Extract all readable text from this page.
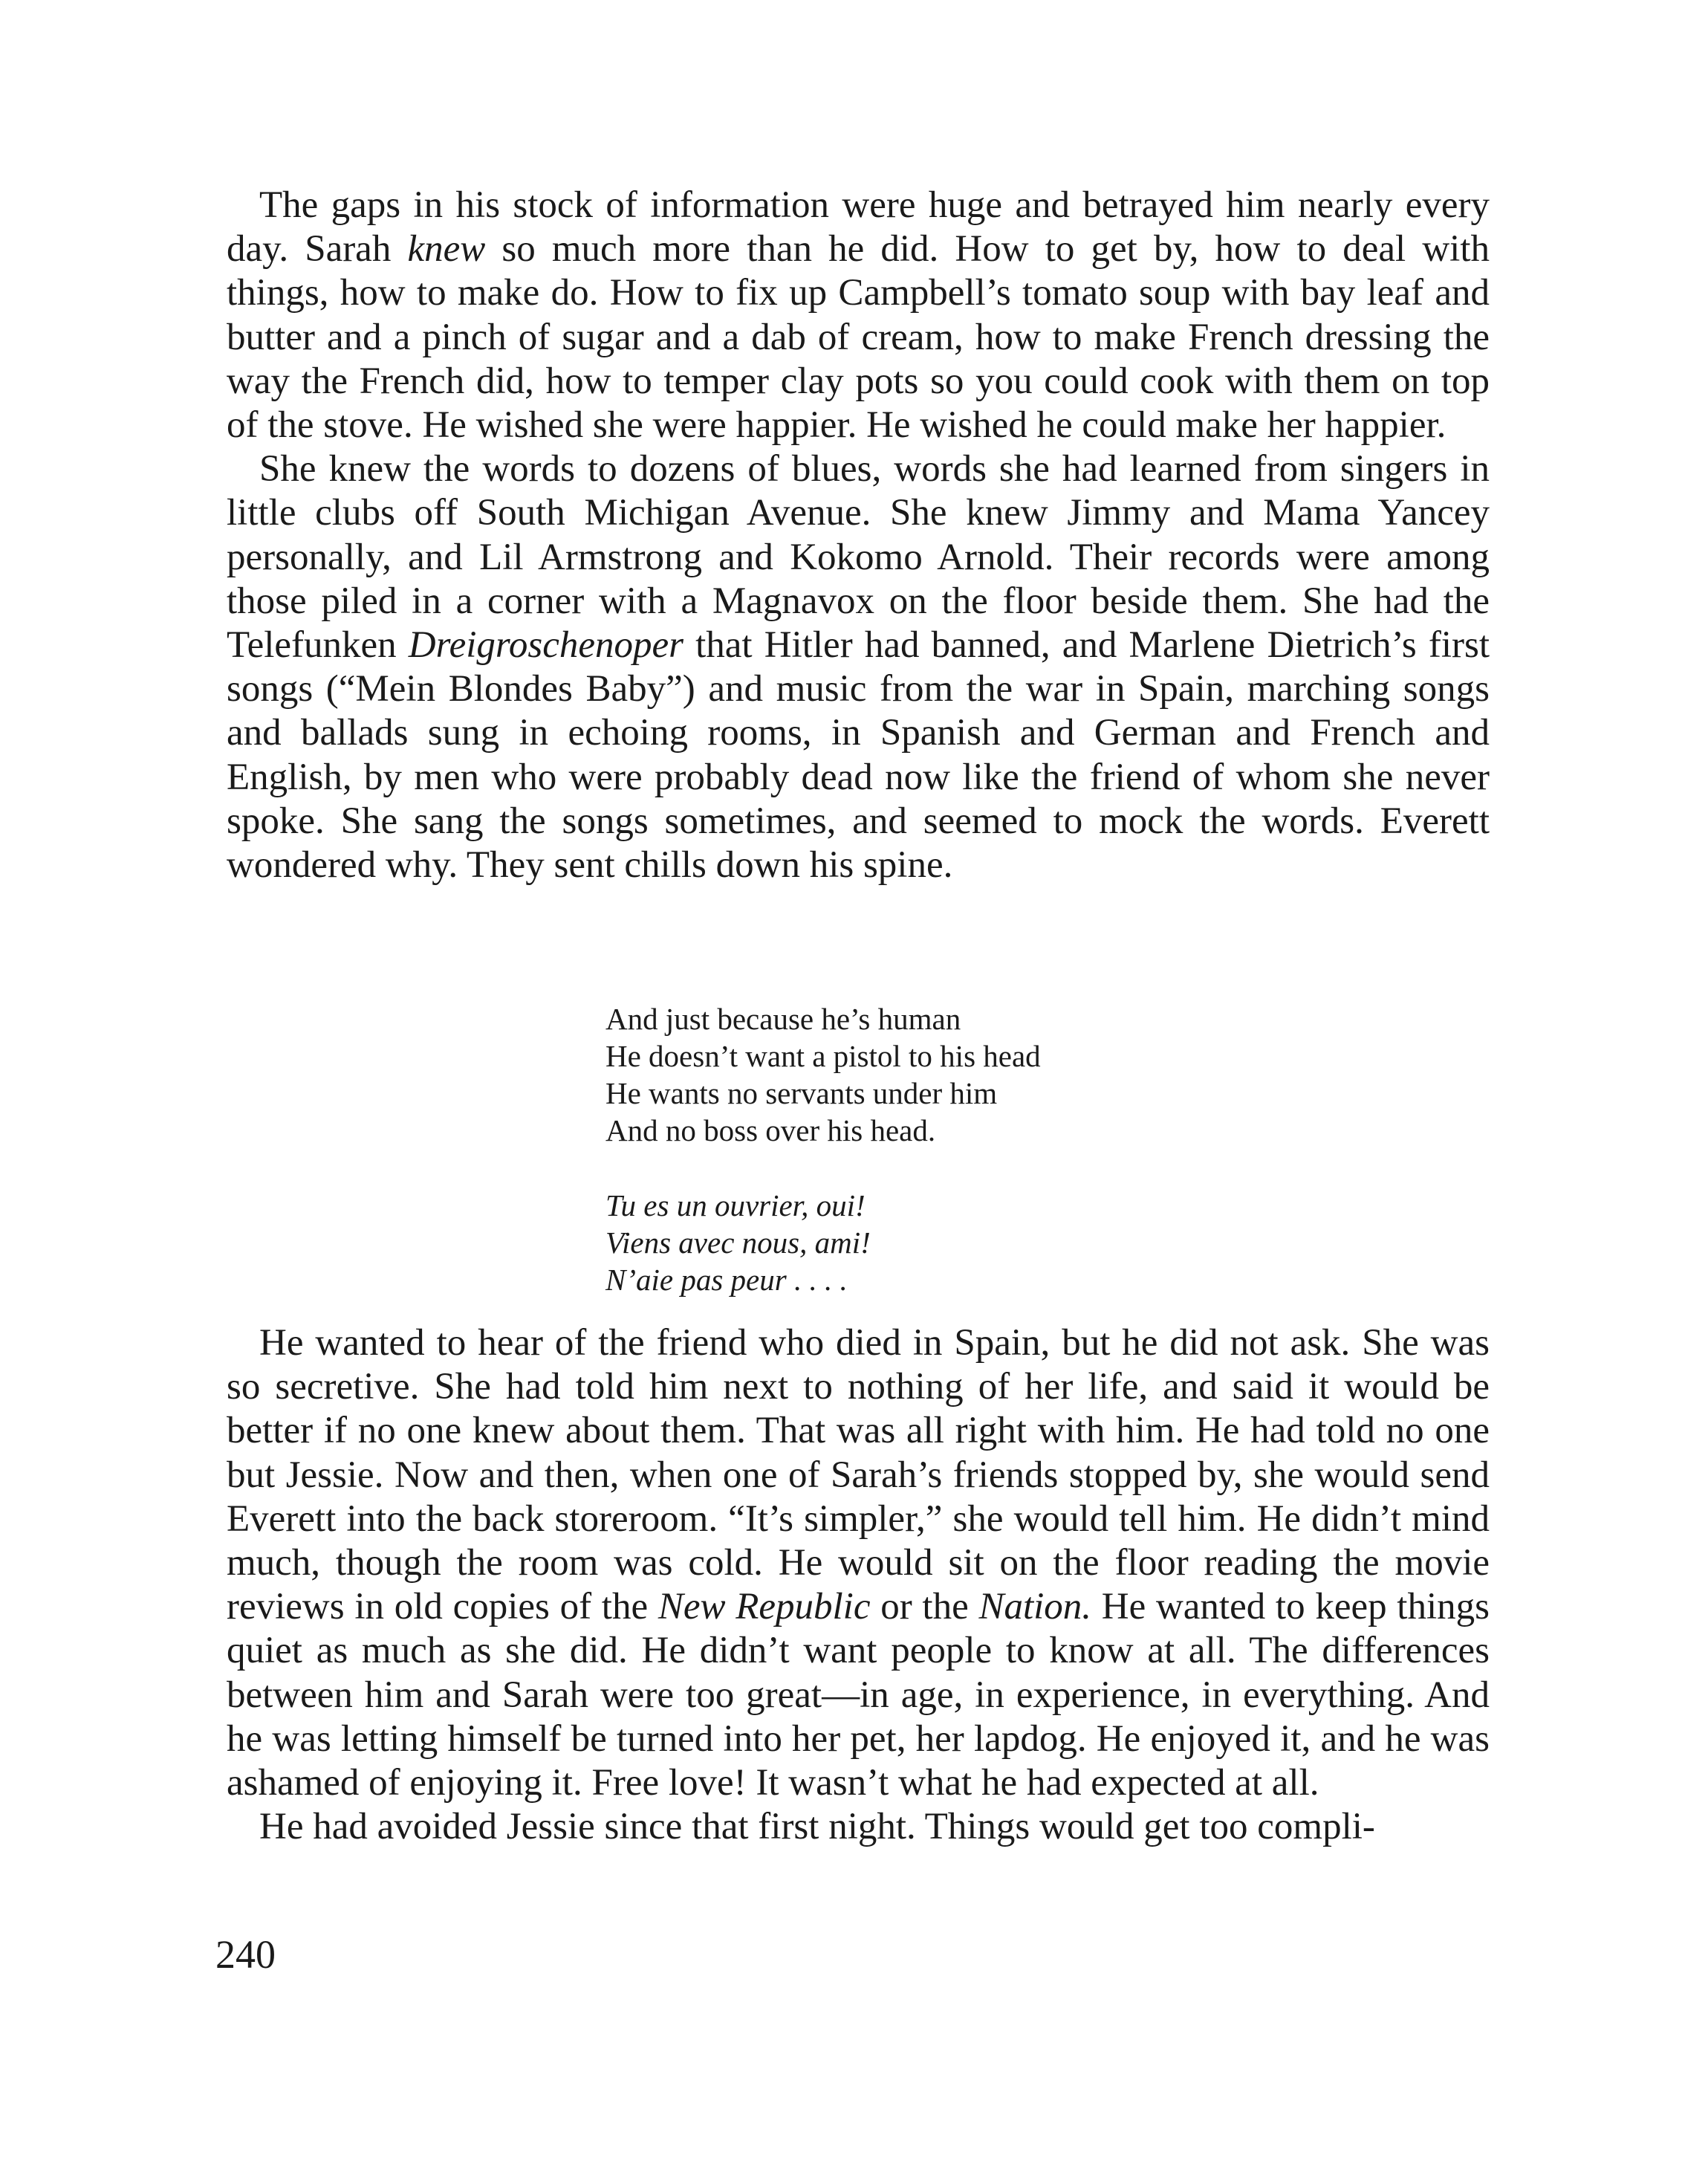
The gaps in his stock of information were huge and betrayed him nearly every day. Sarah knew so much more than he did. How to get by, how to deal with things, how to make do. How to fix up Campbell’s tomato soup with bay leaf and butter and a pinch of sugar and a dab of cream, how to make French dressing the way the French did, how to temper clay pots so you could cook with them on top of the stove. He wished she were happier. He wished he could make her happier.

She knew the words to dozens of blues, words she had learned from singers in little clubs off South Michigan Avenue. She knew Jimmy and Mama Yancey personally, and Lil Armstrong and Kokomo Arnold. Their records were among those piled in a corner with a Magnavox on the floor beside them. She had the Telefunken Dreigroschenoper that Hitler had banned, and Marlene Dietrich’s first songs (“Mein Blondes Baby”) and music from the war in Spain, marching songs and ballads sung in echoing rooms, in Spanish and German and French and English, by men who were probably dead now like the friend of whom she never spoke. She sang the songs sometimes, and seemed to mock the words. Everett wondered why. They sent chills down his spine.

And just because he’s human
He doesn’t want a pistol to his head
He wants no servants under him
And no boss over his head.
Tu es un ouvrier, oui!
Viens avec nous, ami!
N’aie pas peur . . . .

He wanted to hear of the friend who died in Spain, but he did not ask. She was so secretive. She had told him next to nothing of her life, and said it would be better if no one knew about them. That was all right with him. He had told no one but Jessie. Now and then, when one of Sarah’s friends stopped by, she would send Everett into the back storeroom. “It’s simpler,” she would tell him. He didn’t mind much, though the room was cold. He would sit on the floor reading the movie reviews in old copies of the New Republic or the Nation. He wanted to keep things quiet as much as she did. He didn’t want people to know at all. The differences between him and Sarah were too great—in age, in experience, in everything. And he was letting himself be turned into her pet, her lapdog. He enjoyed it, and he was ashamed of enjoying it. Free love! It wasn’t what he had expected at all.

He had avoided Jessie since that first night. Things would get too compli-

240
